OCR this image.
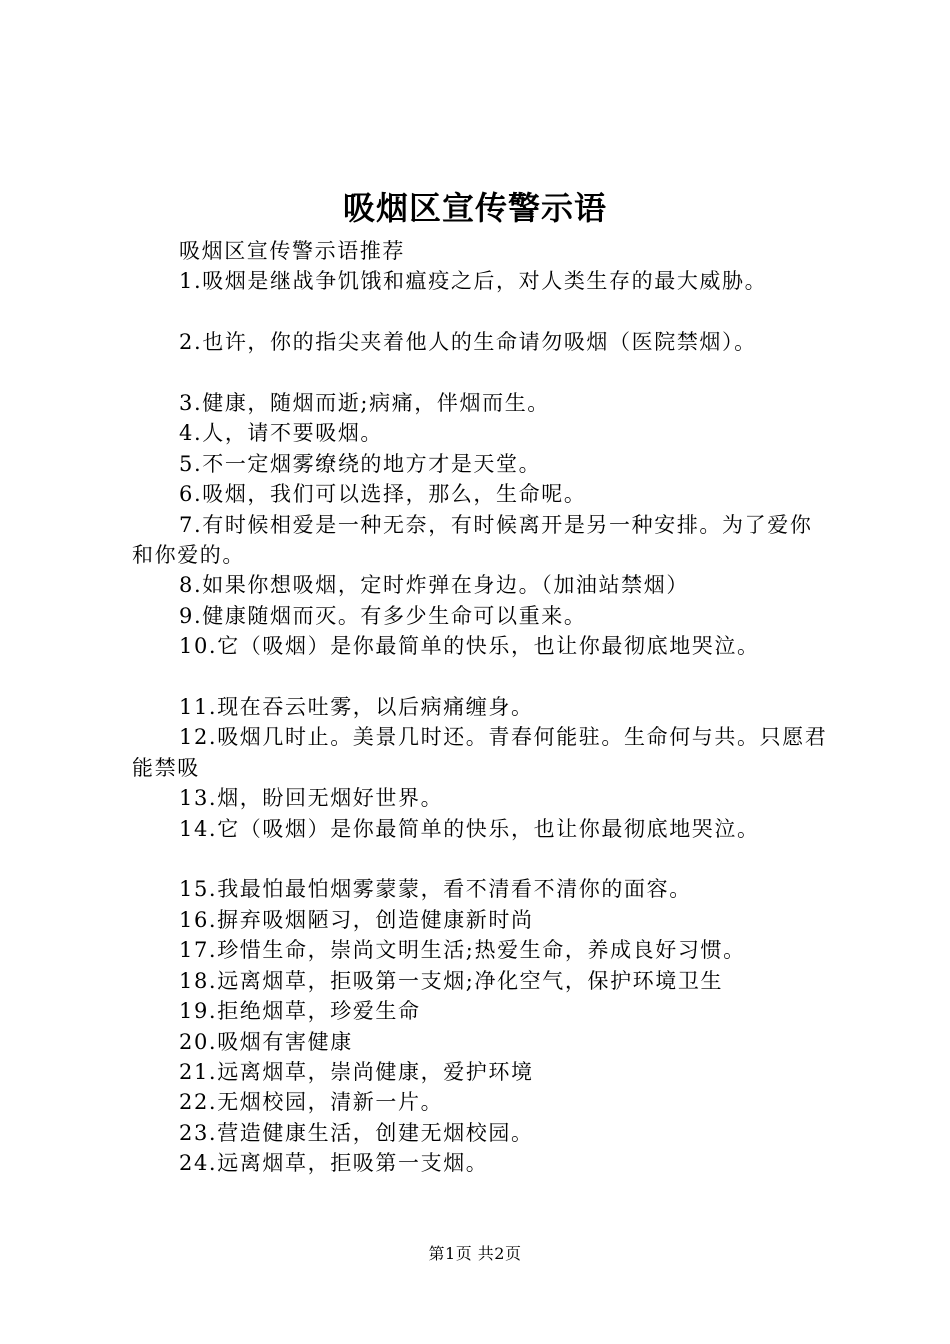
吸烟区宣传警示语

吸烟区宣传警示语推荐

1.吸烟是继战争饥饿和瘟疫之后，对人类生存的最大威胁。

2.也许，你的指尖夹着他人的生命请勿吸烟（医院禁烟）。

3.健康，随烟而逝;病痛，伴烟而生。

4.人，请不要吸烟。

5.不一定烟雾缭绕的地方才是天堂。

6.吸烟，我们可以选择，那么，生命呢。

7.有时候相爱是一种无奈，有时候离开是另一种安排。为了爱你和你爱的。

8.如果你想吸烟，定时炸弹在身边。（加油站禁烟）

9.健康随烟而灭。有多少生命可以重来。

10.它（吸烟）是你最简单的快乐，也让你最彻底地哭泣。

11.现在吞云吐雾，以后病痛缠身。

12.吸烟几时止。美景几时还。青春何能驻。生命何与共。只愿君能禁吸

13.烟，盼回无烟好世界。

14.它（吸烟）是你最简单的快乐，也让你最彻底地哭泣。

15.我最怕最怕烟雾蒙蒙，看不清看不清你的面容。

16.摒弃吸烟陋习，创造健康新时尚

17.珍惜生命，崇尚文明生活;热爱生命，养成良好习惯。

18.远离烟草，拒吸第一支烟;净化空气，保护环境卫生

19.拒绝烟草，珍爱生命

20.吸烟有害健康

21.远离烟草，崇尚健康，爱护环境

22.无烟校园，清新一片。

23.营造健康生活，创建无烟校园。

24.远离烟草，拒吸第一支烟。

第1页 共2页
